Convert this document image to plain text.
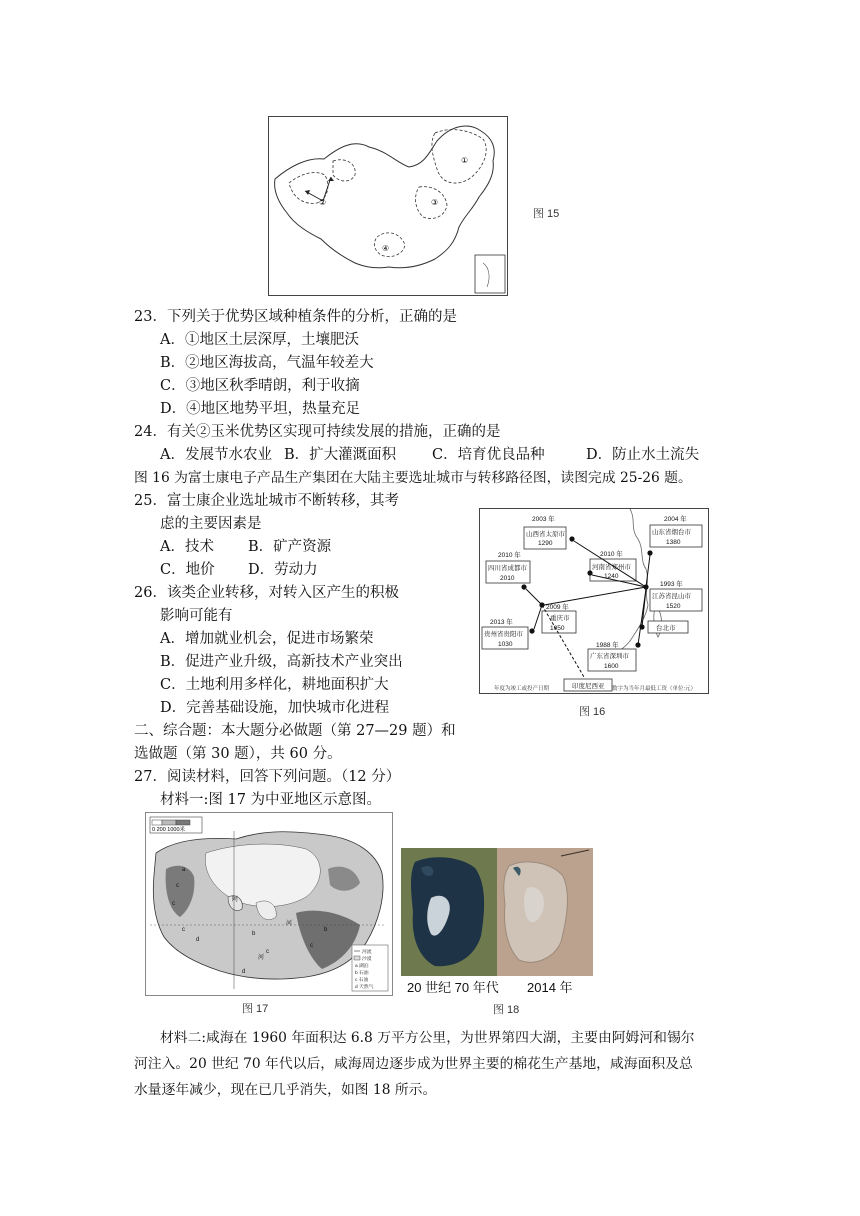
①
②	③
④
图 15
23．下列关于优势区域种植条件的分析，正确的是
A．①地区土层深厚，土壤肥沃
B．②地区海拔高，气温年较差大
C．③地区秋季晴朗，利于收摘
D．④地区地势平坦，热量充足
24．有关②玉米优势区实现可持续发展的措施，正确的是
A．发展节水农业 B．扩大灌溉面积 C．培育优良品种	D．防止水土流失
图 16 为富士康电子产品生产集团在大陆主要选址城市与转移路径图，读图完成 25-26 题。
25．富士康企业选址城市不断转移，其考
虑的主要因素是
A．技术 B．矿产资源
C．地价 D．劳动力
26．该类企业转移，对转入区产生的积极
影响可能有
A．增加就业机会，促进市场繁荣
B．促进产业升级，高新技术产业突出
C．土地利用多样化，耕地面积扩大
D．完善基础设施，加快城市化进程
二、综合题：本大题分必做题（第 27—29 题）和
选做题（第 30 题），共 60 分。
27．阅读材料，回答下列问题。（12 分）
材料一:图 17 为中亚地区示意图。
2003 年
山西省太原市
1290
2004 年
山东省烟台市
1380
2010 年
四川省成都市
2010
2010 年
河南省郑州市
1240
1993 年
江苏省昆山市
1520
2009 年
重庆市
1050
2013 年
贵州省贵阳市
1030
台北市
1988 年
广东省深圳市
1600
印度尼西亚
年度为竣工或投产日期	数字为当年月最低工资（单位:元）
图 16
0 200 1000米
a
c
c
c
d
b
c
c
b
d
阿
河
河
河流
沙漠
a 湖泊
b 石油
c 石油
d 天然气
图 17
20 世纪 70 年代 2014 年
图 18
材料二:咸海在 1960 年面积达 6.8 万平方公里，为世界第四大湖，主要由阿姆河和锡尔
河注入。20 世纪 70 年代以后，咸海周边逐步成为世界主要的棉花生产基地，咸海面积及总
水量逐年减少，现在已几乎消失，如图 18 所示。
